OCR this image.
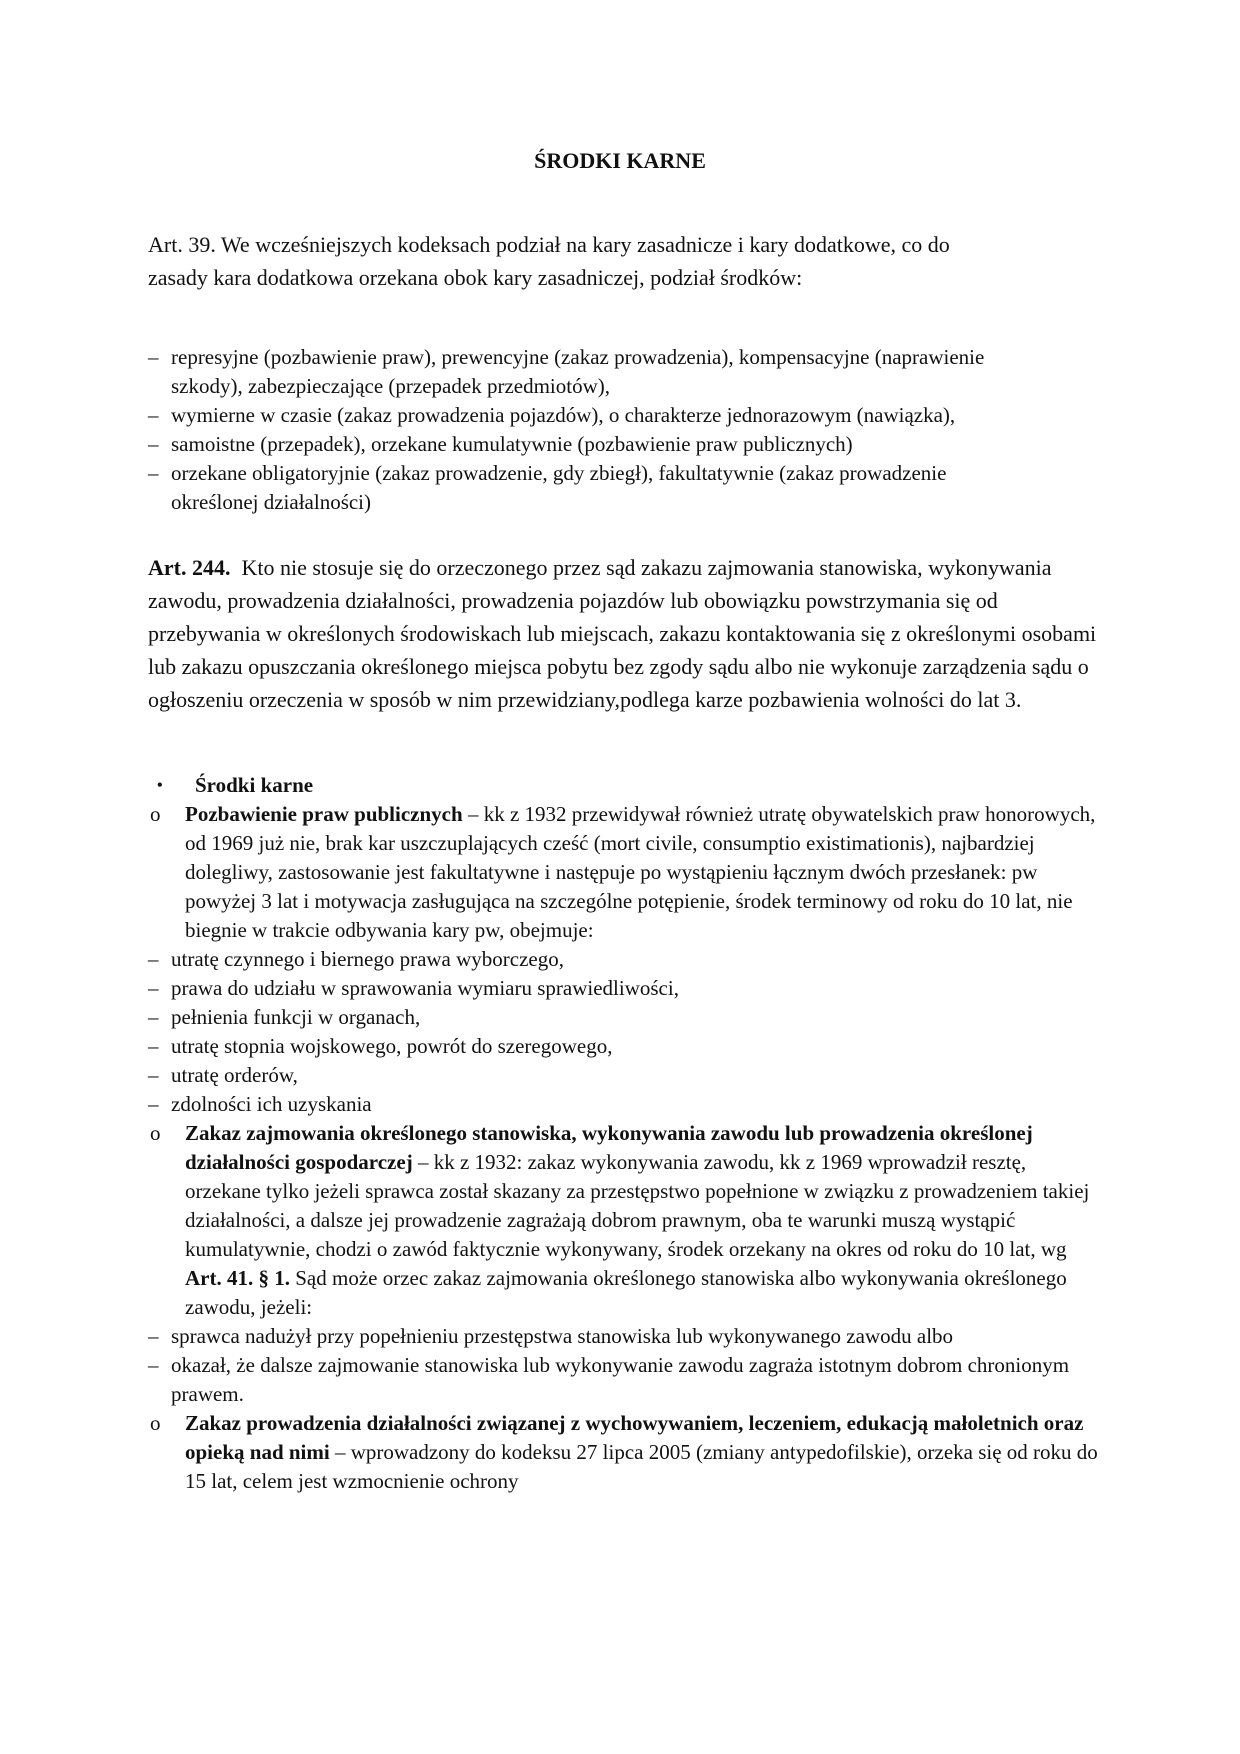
ŚRODKI KARNE
Art. 39. We wcześniejszych kodeksach podział na kary zasadnicze i kary dodatkowe, co do
zasady kara dodatkowa orzekana obok kary zasadniczej, podział środków:
– represyjne (pozbawienie praw), prewencyjne (zakaz prowadzenia), kompensacyjne (naprawienie szkody), zabezpieczające (przepadek przedmiotów),
– wymierne w czasie (zakaz prowadzenia pojazdów), o charakterze jednorazowym (nawiązka),
– samoistne (przepadek), orzekane kumulatywnie (pozbawienie praw publicznych)
– orzekane obligatoryjnie (zakaz prowadzenie, gdy zbiegł), fakultatywnie (zakaz prowadzenie określonej działalności)
Art. 244. Kto nie stosuje się do orzeczonego przez sąd zakazu zajmowania stanowiska, wykonywania zawodu, prowadzenia działalności, prowadzenia pojazdów lub obowiązku powstrzymania się od przebywania w określonych środowiskach lub miejscach, zakazu kontaktowania się z określonymi osobami lub zakazu opuszczania określonego miejsca pobytu bez zgody sądu albo nie wykonuje zarządzenia sądu o ogłoszeniu orzeczenia w sposób w nim przewidziany,podlega karze pozbawienia wolności do lat 3.
• Środki karne
o Pozbawienie praw publicznych – kk z 1932 przewidywał również utratę obywatelskich praw honorowych, od 1969 już nie, brak kar uszczuplających cześć (mort civile, consumptio existimationis), najbardziej dolegliwy, zastosowanie jest fakultatywne i następuje po wystąpieniu łącznym dwóch przesłanek: pw powyżej 3 lat i motywacja zasługująca na szczególne potępienie, środek terminowy od roku do 10 lat, nie biegnie w trakcie odbywania kary pw, obejmuje:
– utratę czynnego i biernego prawa wyborczego,
– prawa do udziału w sprawowania wymiaru sprawiedliwości,
– pełnienia funkcji w organach,
– utratę stopnia wojskowego, powrót do szeregowego,
– utratę orderów,
– zdolności ich uzyskania
o Zakaz zajmowania określonego stanowiska, wykonywania zawodu lub prowadzenia określonej działalności gospodarczej – kk z 1932: zakaz wykonywania zawodu, kk z 1969 wprowadził resztę, orzekane tylko jeżeli sprawca został skazany za przestępstwo popełnione w związku z prowadzeniem takiej działalności, a dalsze jej prowadzenie zagrażają dobrom prawnym, oba te warunki muszą wystąpić kumulatywnie, chodzi o zawód faktycznie wykonywany, środek orzekany na okres od roku do 10 lat, wg Art. 41. § 1. Sąd może orzec zakaz zajmowania określonego stanowiska albo wykonywania określonego zawodu, jeżeli:
– sprawca nadużył przy popełnieniu przestępstwa stanowiska lub wykonywanego zawodu albo
– okazał, że dalsze zajmowanie stanowiska lub wykonywanie zawodu zagraża istotnym dobrom chronionym prawem.
o Zakaz prowadzenia działalności związanej z wychowywaniem, leczeniem, edukacją małoletnich oraz opieką nad nimi – wprowadzony do kodeksu 27 lipca 2005 (zmiany antypedofilskie), orzeka się od roku do 15 lat, celem jest wzmocnienie ochrony
